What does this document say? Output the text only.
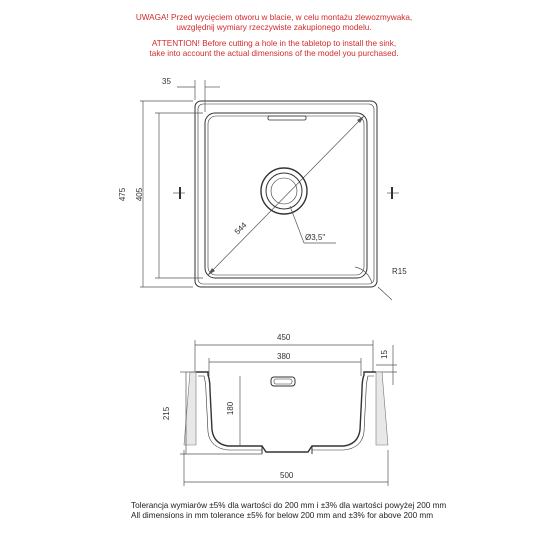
UWAGA! Przed wycięciem otworu w blacie, w celu montażu zlewozmywaka,
uwzględnij wymiary rzeczywiste zakupionego modelu.
ATTENTION! Before cutting a hole in the tabletop to install the sink,
take into account the actual dimensions of the model you purchased.
35
475 405
544
Ø3,5"
R15
450
380	15
215	180
500
Tolerancja wymiarów ±5% dla wartości do 200 mm i ±3% dla wartości powyżej 200 mm
All dimensions in mm tolerance ±5% for below 200 mm and ±3% for above 200 mm
